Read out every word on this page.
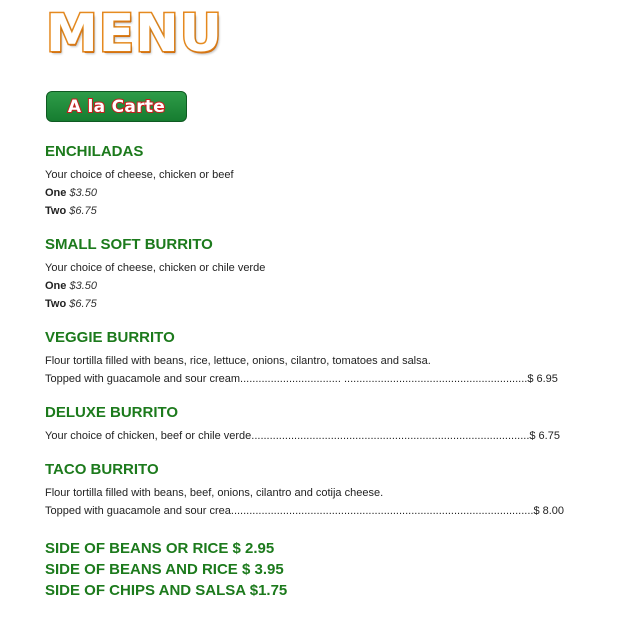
MENU
A la Carte
ENCHILADAS
Your choice of cheese, chicken or beef
One $3.50
Two $6.75
SMALL SOFT BURRITO
Your choice of cheese, chicken or chile verde
One $3.50
Two $6.75
VEGGIE BURRITO
Flour tortilla filled with beans, rice, lettuce, onions, cilantro, tomatoes and salsa.
Topped with guacamole and sour cream................................. ............................................................$ 6.95
DELUXE BURRITO
Your choice of chicken, beef or chile verde...........................................................................................$ 6.75
TACO BURRITO
Flour tortilla filled with beans, beef, onions, cilantro and cotija cheese.
Topped with guacamole and sour crea...................................................................................................$ 8.00
SIDE OF BEANS OR RICE $ 2.95
SIDE OF BEANS AND RICE $ 3.95
SIDE OF CHIPS AND SALSA $1.75
